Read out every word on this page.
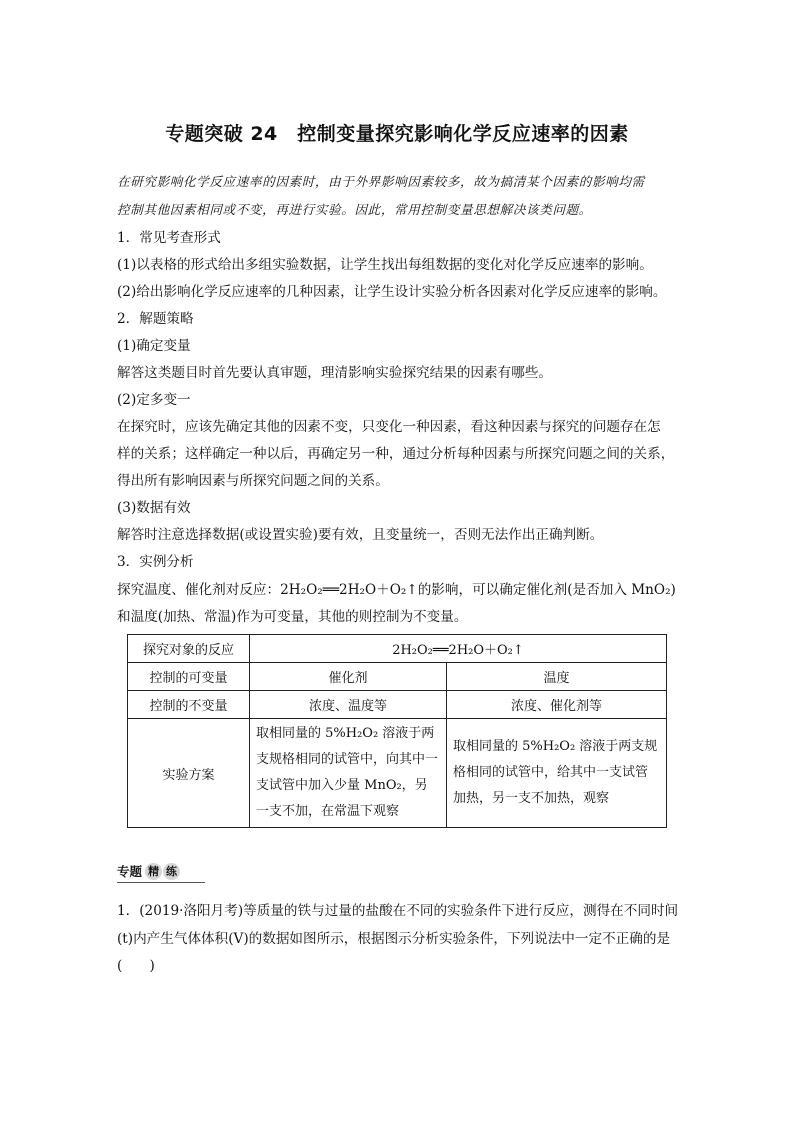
专题突破 24　控制变量探究影响化学反应速率的因素
在研究影响化学反应速率的因素时，由于外界影响因素较多，故为搞清某个因素的影响均需
控制其他因素相同或不变，再进行实验。因此，常用控制变量思想解决该类问题。
1．常见考查形式
(1)以表格的形式给出多组实验数据，让学生找出每组数据的变化对化学反应速率的影响。
(2)给出影响化学反应速率的几种因素，让学生设计实验分析各因素对化学反应速率的影响。
2．解题策略
(1)确定变量
解答这类题目时首先要认真审题，理清影响实验探究结果的因素有哪些。
(2)定多变一
在探究时，应该先确定其他的因素不变，只变化一种因素，看这种因素与探究的问题存在怎
样的关系；这样确定一种以后，再确定另一种，通过分析每种因素与所探究问题之间的关系，
得出所有影响因素与所探究问题之间的关系。
(3)数据有效
解答时注意选择数据(或设置实验)要有效，且变量统一，否则无法作出正确判断。
3．实例分析
探究温度、催化剂对反应：2H₂O₂══2H₂O＋O₂↑的影响，可以确定催化剂(是否加入 MnO₂)
和温度(加热、常温)作为可变量，其他的则控制为不变量。
探究对象的反应	2H₂O₂══2H₂O＋O₂↑	
控制的可变量	催化剂	温度
控制的不变量	浓度、温度等	浓度、催化剂等
实验方案	取相同量的 5%H₂O₂ 溶液于两支规格相同的试管中，向其中一支试管中加入少量 MnO₂，另一支不加，在常温下观察	取相同量的 5%H₂O₂ 溶液于两支规格相同的试管中，给其中一支试管加热，另一支不加热，观察
专题 精 练
1．(2019·洛阳月考)等质量的铁与过量的盐酸在不同的实验条件下进行反应，测得在不同时间
(t)内产生气体体积(V)的数据如图所示，根据图示分析实验条件，下列说法中一定不正确的是
(　　)
